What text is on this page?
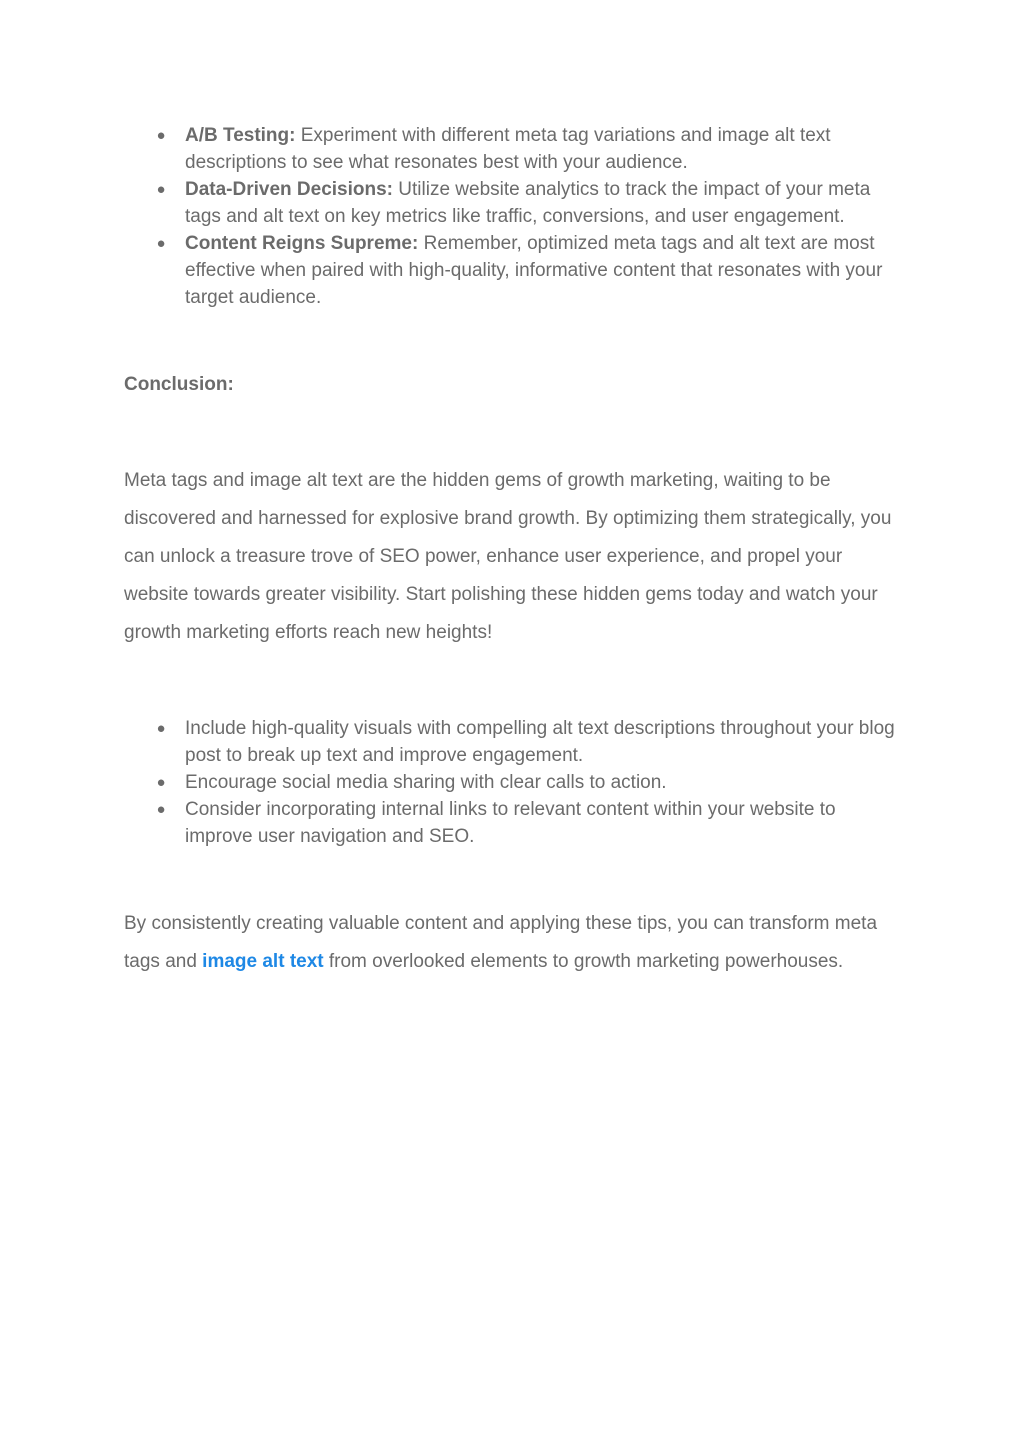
● A/B Testing: Experiment with different meta tag variations and image alt text descriptions to see what resonates best with your audience.
● Data-Driven Decisions: Utilize website analytics to track the impact of your meta tags and alt text on key metrics like traffic, conversions, and user engagement.
● Content Reigns Supreme: Remember, optimized meta tags and alt text are most effective when paired with high-quality, informative content that resonates with your target audience.
Conclusion:

Meta tags and image alt text are the hidden gems of growth marketing, waiting to be discovered and harnessed for explosive brand growth. By optimizing them strategically, you can unlock a treasure trove of SEO power, enhance user experience, and propel your website towards greater visibility. Start polishing these hidden gems today and watch your growth marketing efforts reach new heights!

● Include high-quality visuals with compelling alt text descriptions throughout your blog post to break up text and improve engagement.
● Encourage social media sharing with clear calls to action.
● Consider incorporating internal links to relevant content within your website to improve user navigation and SEO.

By consistently creating valuable content and applying these tips, you can transform meta tags and image alt text from overlooked elements to growth marketing powerhouses.
